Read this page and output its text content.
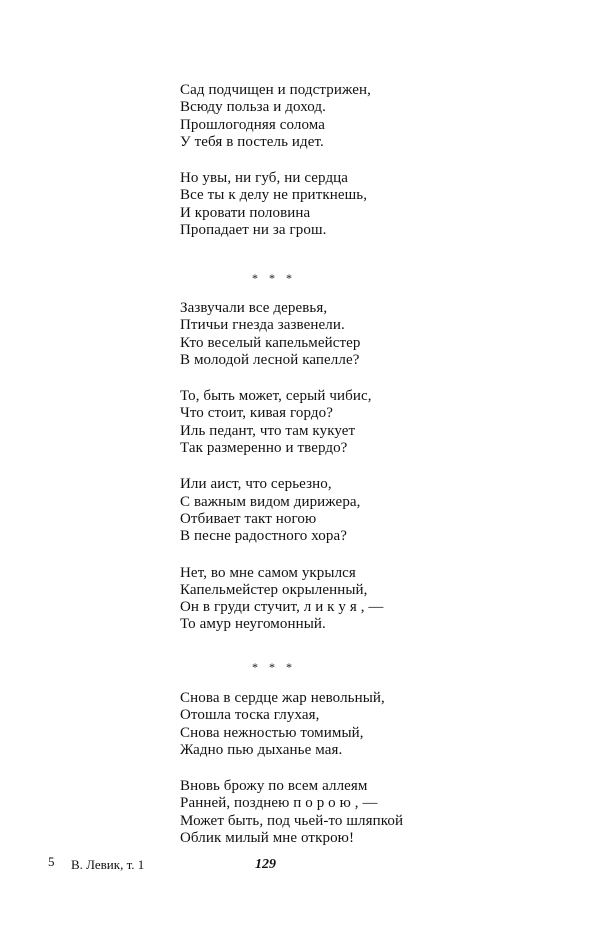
Сад подчищен и подстрижен,
Всюду польза и доход.
Прошлогодняя солома
У тебя в постель идет.
Но увы, ни губ, ни сердца
Все ты к делу не приткнешь,
И кровати половина
Пропадает ни за грош.
* * *
Зазвучали все деревья,
Птичьи гнезда зазвенели.
Кто веселый капельмейстер
В молодой лесной капелле?
То, быть может, серый чибис,
Что стоит, кивая гордо?
Иль педант, что там кукует
Так размеренно и твердо?
Или аист, что серьезно,
С важным видом дирижера,
Отбивает такт ногою
В песне радостного хора?
Нет, во мне самом укрылся
Капельмейстер окрыленный,
Он в груди стучит, л и к у я , —
То амур неугомонный.
* * *
Снова в сердце жар невольный,
Отошла тоска глухая,
Снова нежностью томимый,
Жадно пью дыханье мая.
Вновь брожу по всем аллеям
Ранней, позднею п о р о ю , —
Может быть, под чьей-то шляпкой
Облик милый мне открою!
5 В. Левик, т. 1	129
